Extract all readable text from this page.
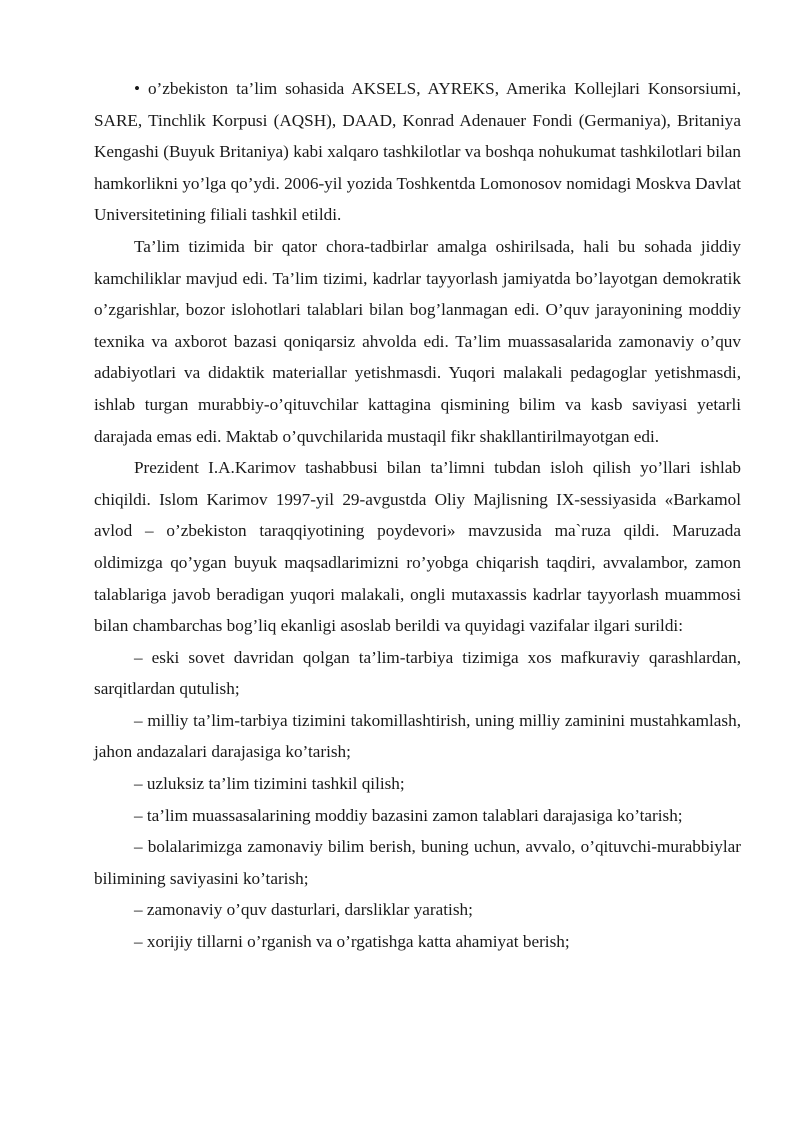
• o’zbekiston ta’lim sohasida AKSELS, AYREKS, Amerika Kollejlari Konsorsiumi, SARE, Tinchlik Korpusi (AQSH), DAAD, Konrad Adenauer Fondi (Germaniya), Britaniya Kengashi (Buyuk Britaniya) kabi xalqaro tashkilotlar va boshqa nohukumat tashkilotlari bilan hamkorlikni yo’lga qo’ydi. 2006-yil yozida Toshkentda Lomonosov nomidagi Moskva Davlat Universitetining filiali tashkil etildi.

Ta’lim tizimida bir qator chora-tadbirlar amalga oshirilsada, hali bu sohada jiddiy kamchiliklar mavjud edi. Ta’lim tizimi, kadrlar tayyorlash jamiyatda bo’layotgan demokratik o’zgarishlar, bozor islohotlari talablari bilan bog’lanmagan edi. O’quv jarayonining moddiy texnika va axborot bazasi qoniqarsiz ahvolda edi. Ta’lim muassasalarida zamonaviy o’quv adabiyotlari va didaktik materiallar yetishmasdi. Yuqori malakali pedagoglar yetishmasdi, ishlab turgan murabbiy-o’qituvchilar kattagina qismining bilim va kasb saviyasi yetarli darajada emas edi. Maktab o’quvchilarida mustaqil fikr shakllantirilmayotgan edi.

Prezident I.A.Karimov tashabbusi bilan ta’limni tubdan isloh qilish yo’llari ishlab chiqildi. Islom Karimov 1997-yil 29-avgustda Oliy Majlisning IX-sessiyasida «Barkamol avlod – o’zbekiston taraqqiyotining poydevori» mavzusida ma`ruza qildi. Maruzada oldimizga qo’ygan buyuk maqsadlarimizni ro’yobga chiqarish taqdiri, avvalambor, zamon talablariga javob beradigan yuqori malakali, ongli mutaxassis kadrlar tayyorlash muammosi bilan chambarchas bog’liq ekanligi asoslab berildi va quyidagi vazifalar ilgari surildi:

– eski sovet davridan qolgan ta’lim-tarbiya tizimiga xos mafkuraviy qarashlardan, sarqitlardan qutulish;

– milliy ta’lim-tarbiya tizimini takomillashtirish, uning milliy zaminini mustahkamlash, jahon andazalari darajasiga ko’tarish;

– uzluksiz ta’lim tizimini tashkil qilish;

– ta’lim muassasalarining moddiy bazasini zamon talablari darajasiga ko’tarish;

– bolalarimizga zamonaviy bilim berish, buning uchun, avvalo, o’qituvchi-murabbiylar bilimining saviyasini ko’tarish;

– zamonaviy o’quv dasturlari, darsliklar yaratish;

– xorijiy tillarni o’rganish va o’rgatishga katta ahamiyat berish;
